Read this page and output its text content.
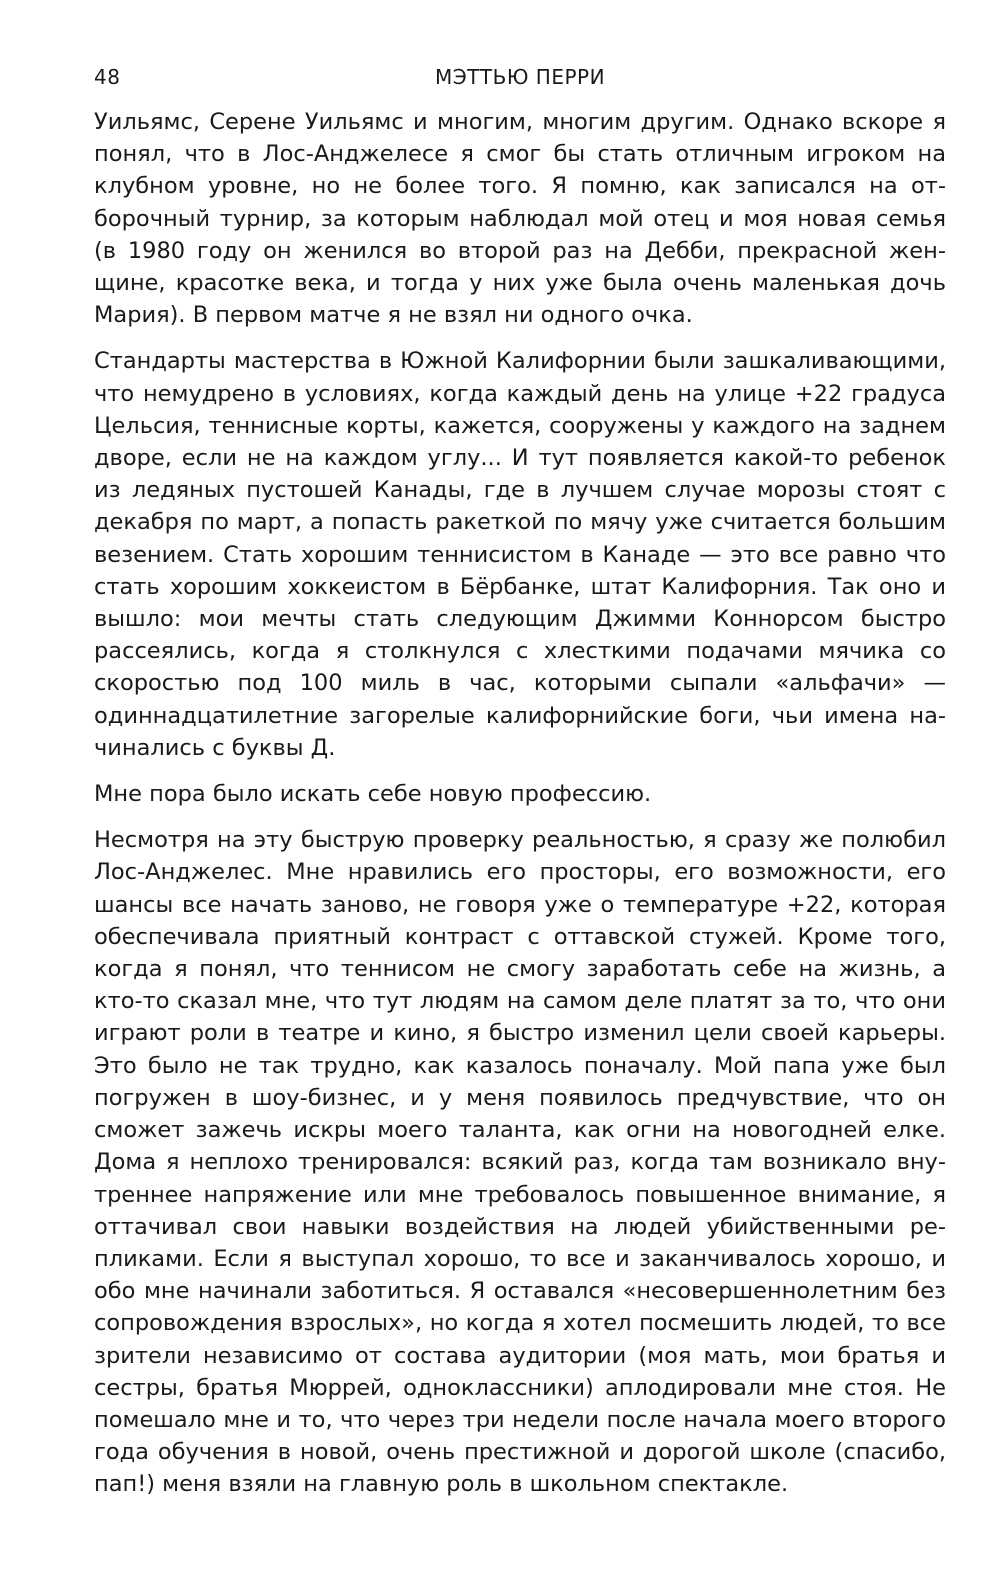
48	МЭТТЬЮ ПЕРРИ

Уильямс, Серене Уильямс и многим, многим другим. Однако вскоре я понял, что в Лос-Анджелесе я смог бы стать отличным игроком на клубном уровне, но не более того. Я помню, как записался на отборочный турнир, за которым наблюдал мой отец и моя новая семья (в 1980 году он женился во второй раз на Дебби, прекрасной женщине, красотке века, и тогда у них уже была очень маленькая дочь Мария). В первом матче я не взял ни одного очка.

Стандарты мастерства в Южной Калифорнии были зашкаливающими, что немудрено в условиях, когда каждый день на улице +22 градуса Цельсия, теннисные корты, кажется, сооружены у каждого на заднем дворе, если не на каждом углу... И тут появляется какой-то ребенок из ледяных пустошей Канады, где в лучшем случае морозы стоят с декабря по март, а попасть ракеткой по мячу уже считается большим везением. Стать хорошим теннисистом в Канаде — это все равно что стать хорошим хоккеистом в Бёрбанке, штат Калифорния. Так оно и вышло: мои мечты стать следующим Джимми Коннорсом быстро рассеялись, когда я столкнулся с хлесткими подачами мячика со скоростью под 100 миль в час, которыми сыпали «альфачи» — одиннадцатилетние загорелые калифорнийские боги, чьи имена начинались с буквы Д.

Мне пора было искать себе новую профессию.

Несмотря на эту быструю проверку реальностью, я сразу же полюбил Лос-Анджелес. Мне нравились его просторы, его возможности, его шансы все начать заново, не говоря уже о температуре +22, которая обеспечивала приятный контраст с оттавской стужей. Кроме того, когда я понял, что теннисом не смогу заработать себе на жизнь, а кто-то сказал мне, что тут людям на самом деле платят за то, что они играют роли в театре и кино, я быстро изменил цели своей карьеры. Это было не так трудно, как казалось поначалу. Мой папа уже был погружен в шоу-бизнес, и у меня появилось предчувствие, что он сможет зажечь искры моего таланта, как огни на новогодней елке. Дома я неплохо тренировался: всякий раз, когда там возникало внутреннее напряжение или мне требовалось повышенное внимание, я оттачивал свои навыки воздействия на людей убийственными репликами. Если я выступал хорошо, то все и заканчивалось хорошо, и обо мне начинали заботиться. Я оставался «несовершеннолетним без сопровождения взрослых», но когда я хотел посмешить людей, то все зрители независимо от состава аудитории (моя мать, мои братья и сестры, братья Мюррей, одноклассники) аплодировали мне стоя. Не помешало мне и то, что через три недели после начала моего второго года обучения в новой, очень престижной и дорогой школе (спасибо, пап!) меня взяли на главную роль в школьном спектакле.
